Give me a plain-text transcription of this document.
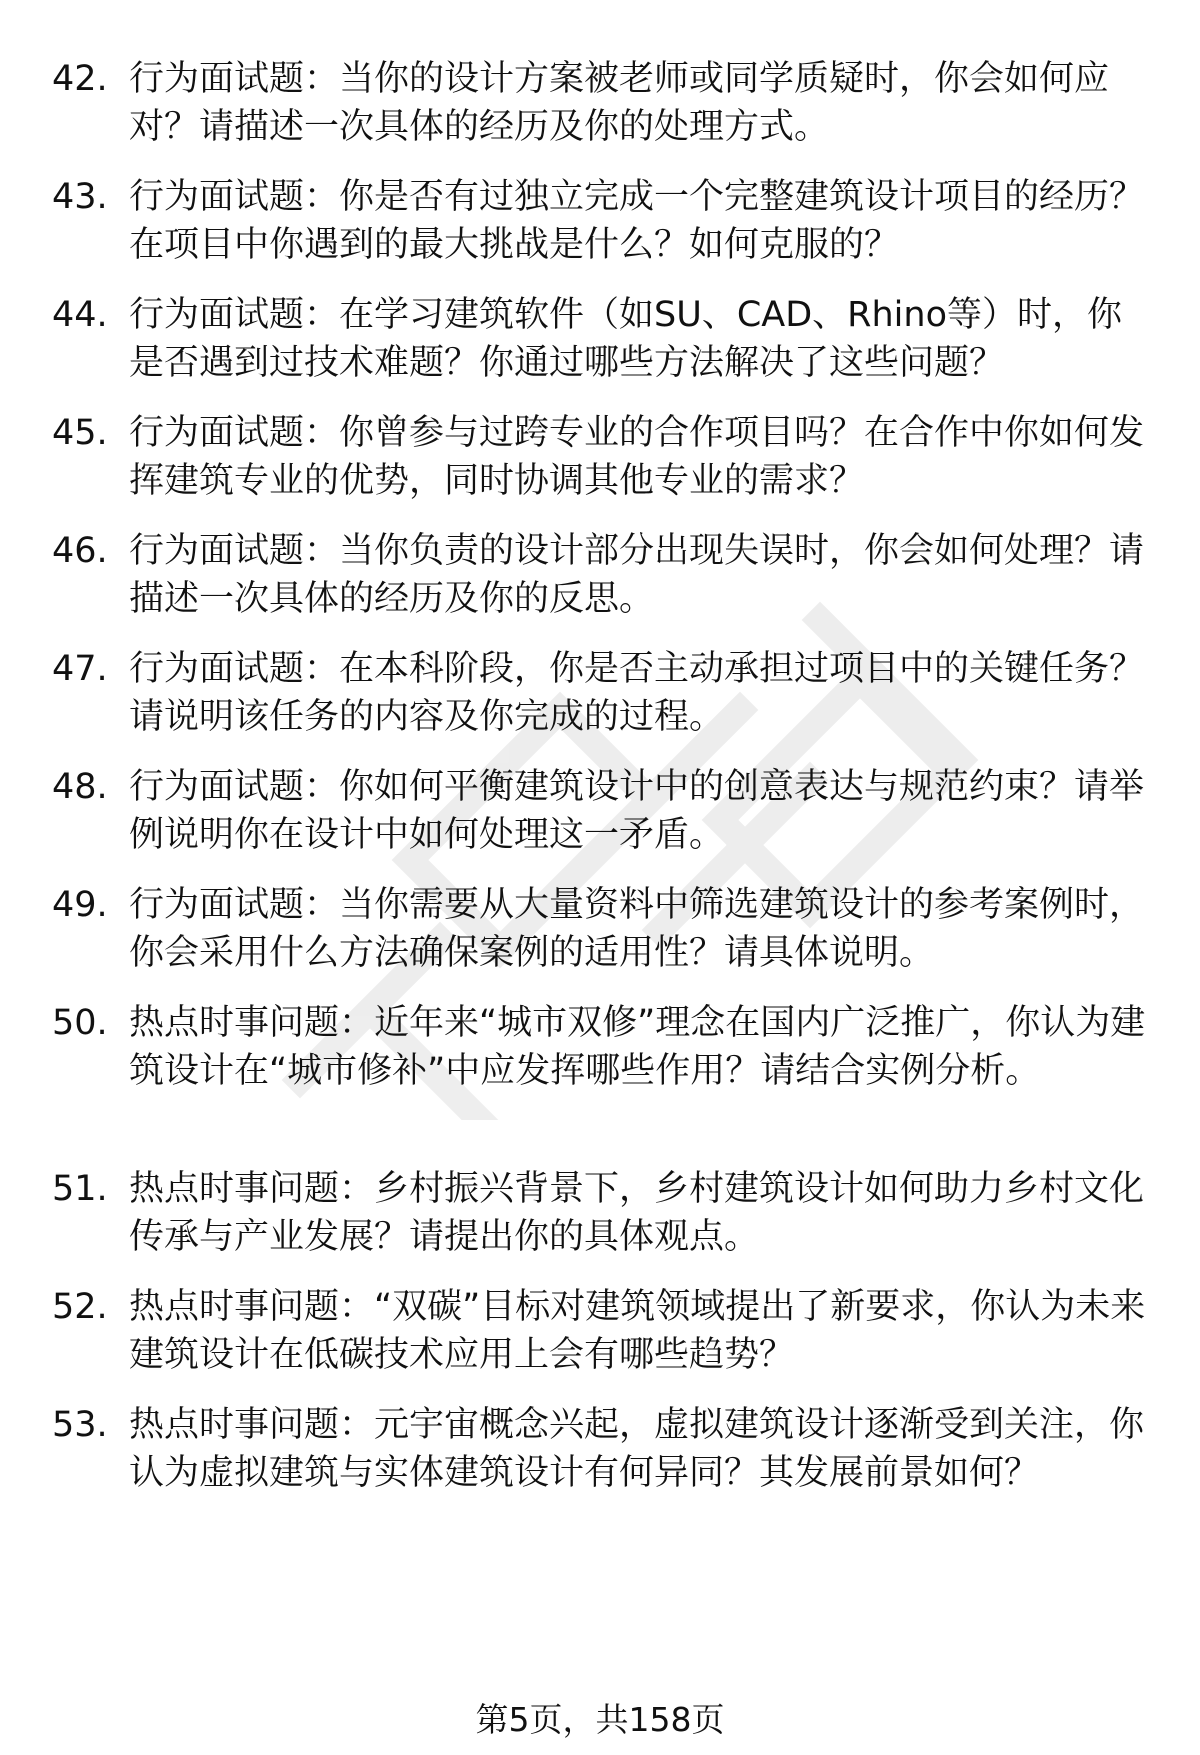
42. 行为面试题：当你的设计方案被老师或同学质疑时，你会如何应对？请描述一次具体的经历及你的处理方式。
43. 行为面试题：你是否有过独立完成一个完整建筑设计项目的经历？在项目中你遇到的最大挑战是什么？如何克服的？
44. 行为面试题：在学习建筑软件（如SU、CAD、Rhino等）时，你是否遇到过技术难题？你通过哪些方法解决了这些问题？
45. 行为面试题：你曾参与过跨专业的合作项目吗？在合作中你如何发挥建筑专业的优势，同时协调其他专业的需求？
46. 行为面试题：当你负责的设计部分出现失误时，你会如何处理？请描述一次具体的经历及你的反思。
47. 行为面试题：在本科阶段，你是否主动承担过项目中的关键任务？请说明该任务的内容及你完成的过程。
48. 行为面试题：你如何平衡建筑设计中的创意表达与规范约束？请举例说明你在设计中如何处理这一矛盾。
49. 行为面试题：当你需要从大量资料中筛选建筑设计的参考案例时，你会采用什么方法确保案例的适用性？请具体说明。
50. 热点时事问题：近年来“城市双修”理念在国内广泛推广，你认为建筑设计在“城市修补”中应发挥哪些作用？请结合实例分析。
51. 热点时事问题：乡村振兴背景下，乡村建筑设计如何助力乡村文化传承与产业发展？请提出你的具体观点。
52. 热点时事问题：“双碳”目标对建筑领域提出了新要求，你认为未来建筑设计在低碳技术应用上会有哪些趋势？
53. 热点时事问题：元宇宙概念兴起，虚拟建筑设计逐渐受到关注，你认为虚拟建筑与实体建筑设计有何异同？其发展前景如何？
第5页，共158页
